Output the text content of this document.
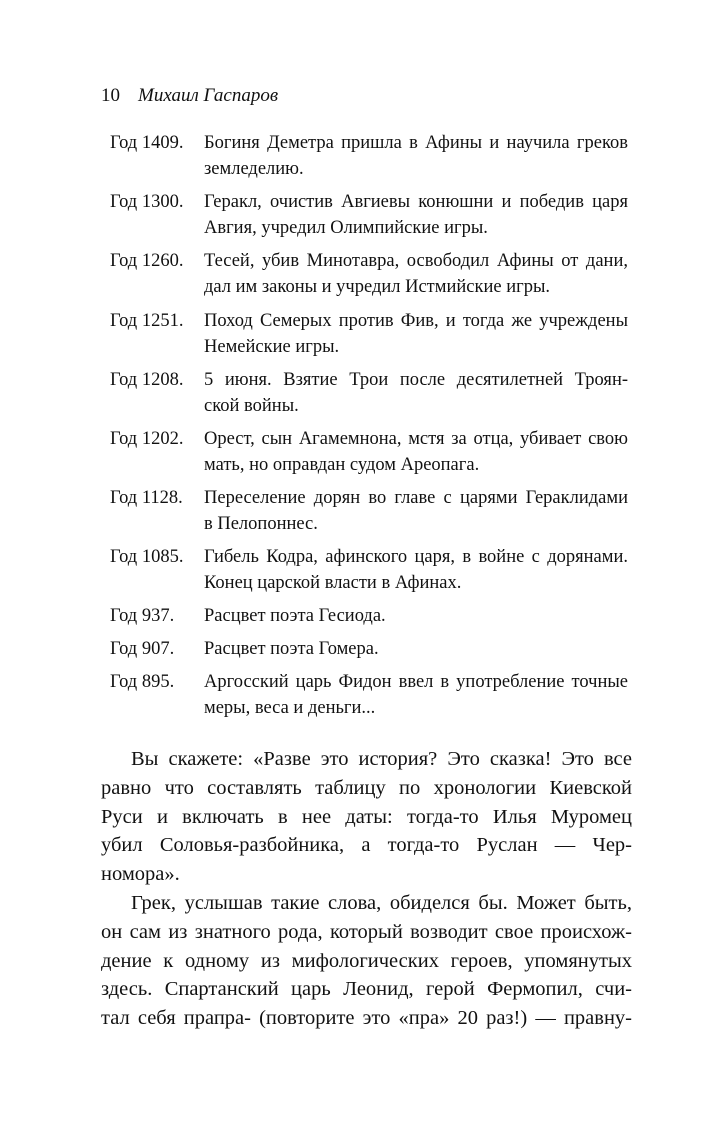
10 Михаил Гаспаров
Год 1409. Богиня Деметра пришла в Афины и научила греков
земледелию.
Год 1300. Геракл, очистив Авгиевы конюшни и победив царя
Авгия, учредил Олимпийские игры.
Год 1260. Тесей, убив Минотавра, освободил Афины от дани,
дал им законы и учредил Истмийские игры.
Год 1251. Поход Семерых против Фив, и тогда же учреждены
Немейские игры.
Год 1208. 5 июня. Взятие Трои после десятилетней Троян-
ской войны.
Год 1202. Орест, сын Агамемнона, мстя за отца, убивает свою
мать, но оправдан судом Ареопага.
Год 1128. Переселение дорян во главе с царями Гераклидами
в Пелопоннес.
Год 1085. Гибель Кодра, афинского царя, в войне с дорянами.
Конец царской власти в Афинах.
Год 937. Расцвет поэта Гесиода.
Год 907. Расцвет поэта Гомера.
Год 895. Аргосский царь Фидон ввел в употребление точные
меры, веса и деньги...
Вы скажете: «Разве это история? Это сказка! Это все
равно что составлять таблицу по хронологии Киевской
Руси и включать в нее даты: тогда-то Илья Муромец
убил Соловья-разбойника, а тогда-то Руслан — Чер-
номора».
Грек, услышав такие слова, обиделся бы. Может быть,
он сам из знатного рода, который возводит свое происхож-
дение к одному из мифологических героев, упомянутых
здесь. Спартанский царь Леонид, герой Фермопил, счи-
тал себя прапра- (повторите это «пра» 20 раз!) — правну-
